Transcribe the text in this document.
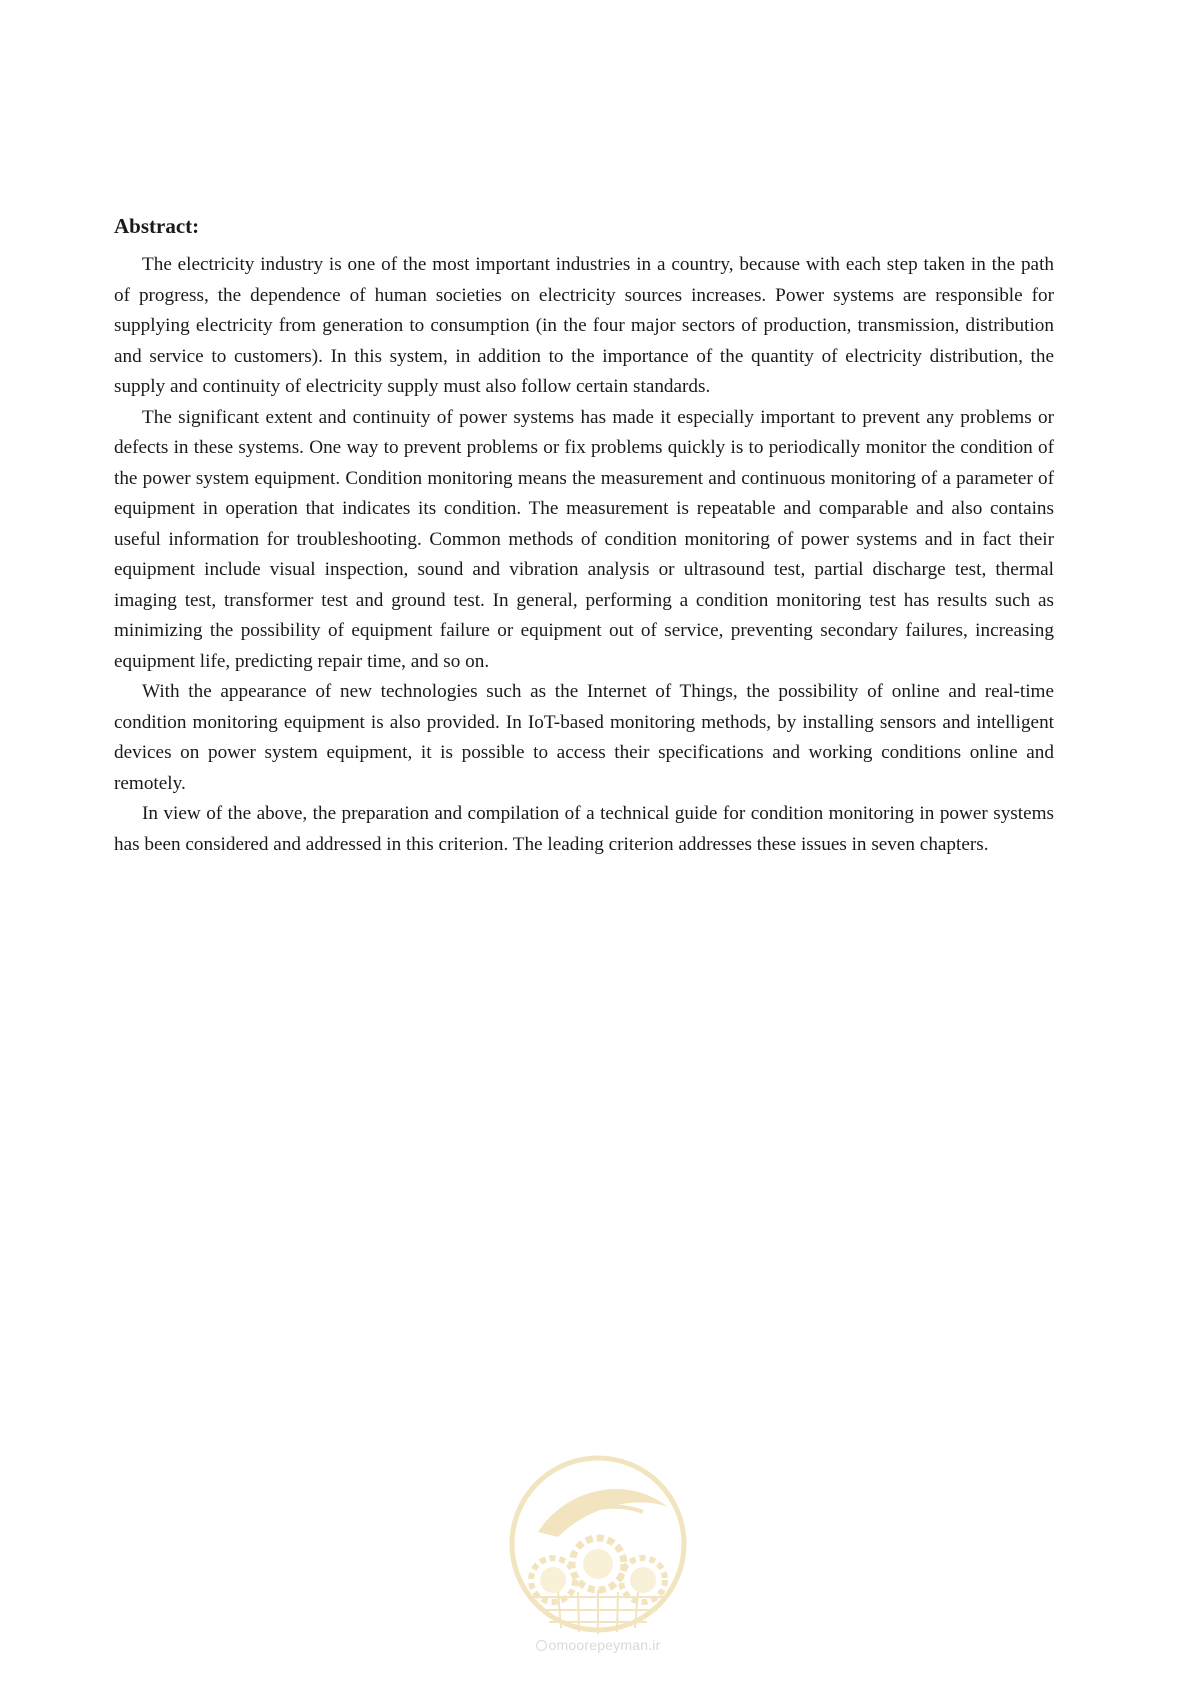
Abstract:

The electricity industry is one of the most important industries in a country, because with each step taken in the path of progress, the dependence of human societies on electricity sources increases. Power systems are responsible for supplying electricity from generation to consumption (in the four major sectors of production, transmission, distribution and service to customers). In this system, in addition to the importance of the quantity of electricity distribution, the supply and continuity of electricity supply must also follow certain standards.

The significant extent and continuity of power systems has made it especially important to prevent any problems or defects in these systems. One way to prevent problems or fix problems quickly is to periodically monitor the condition of the power system equipment. Condition monitoring means the measurement and continuous monitoring of a parameter of equipment in operation that indicates its condition. The measurement is repeatable and comparable and also contains useful information for troubleshooting. Common methods of condition monitoring of power systems and in fact their equipment include visual inspection, sound and vibration analysis or ultrasound test, partial discharge test, thermal imaging test, transformer test and ground test. In general, performing a condition monitoring test has results such as minimizing the possibility of equipment failure or equipment out of service, preventing secondary failures, increasing equipment life, predicting repair time, and so on.

With the appearance of new technologies such as the Internet of Things, the possibility of online and real-time condition monitoring equipment is also provided. In IoT-based monitoring methods, by installing sensors and intelligent devices on power system equipment, it is possible to access their specifications and working conditions online and remotely.

In view of the above, the preparation and compilation of a technical guide for condition monitoring in power systems has been considered and addressed in this criterion. The leading criterion addresses these issues in seven chapters.

omoorepeyman.ir
